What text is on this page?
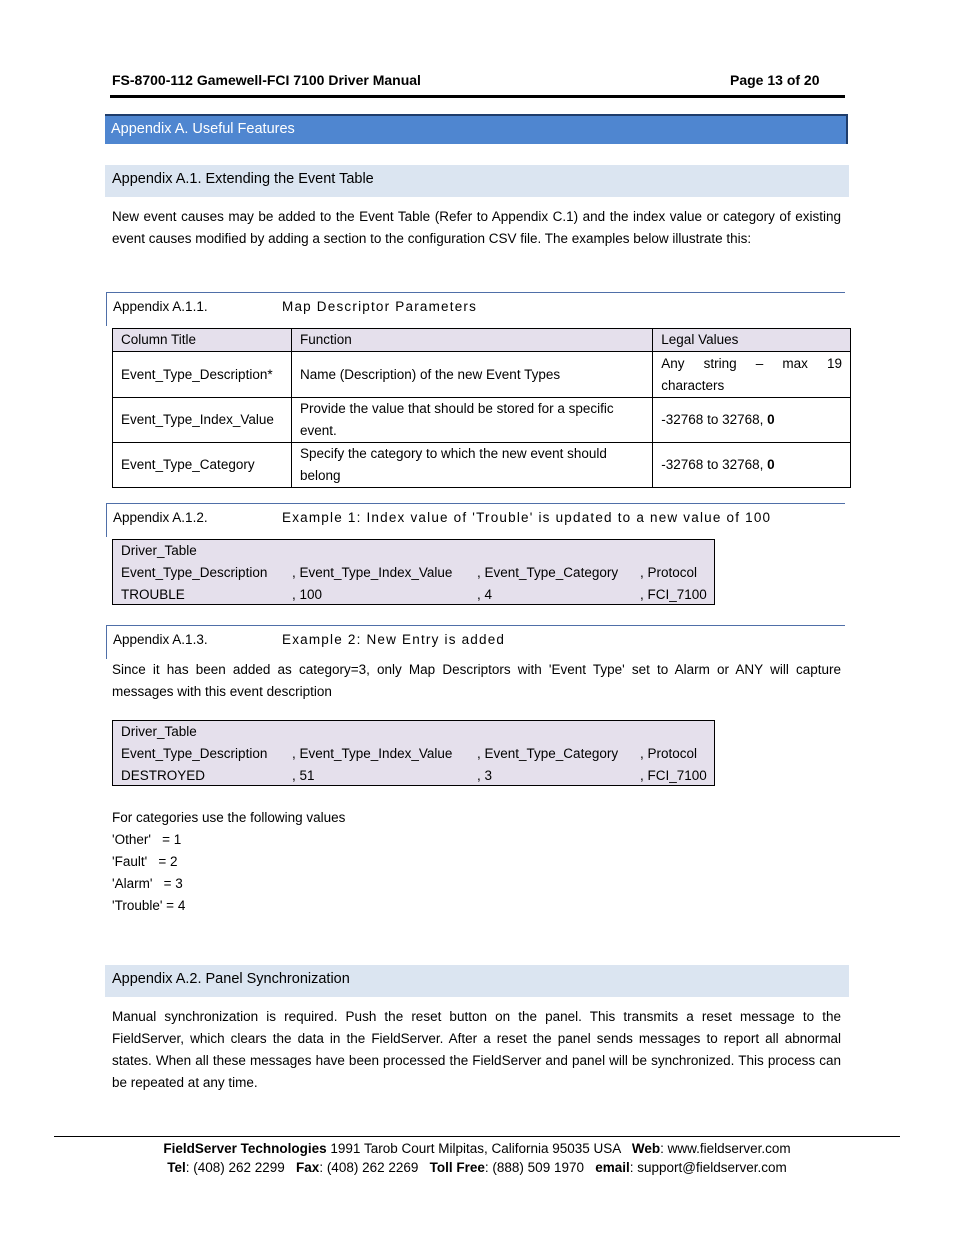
FS-8700-112 Gamewell-FCI 7100 Driver Manual	Page 13 of 20
Appendix A. Useful Features
Appendix A.1. Extending the Event Table
New event causes may be added to the Event Table (Refer to Appendix C.1) and the index value or category of existing event causes modified by adding a section to the configuration CSV file. The examples below illustrate this:
Appendix A.1.1.	Map Descriptor Parameters
Column Title	Function	Legal Values
Event_Type_Description*	Name (Description) of the new Event Types	Any string – max 19 characters
Event_Type_Index_Value	Provide the value that should be stored for a specific event.	-32768 to 32768, 0
Event_Type_Category	Specify the category to which the new event should belong	-32768 to 32768, 0
Appendix A.1.2.	Example 1: Index value of 'Trouble' is updated to a new value of 100
Driver_Table
Event_Type_Description , Event_Type_Index_Value , Event_Type_Category , Protocol
TROUBLE	, 100	, 4	, FCI_7100
Appendix A.1.3.	Example 2: New Entry is added
Since it has been added as category=3, only Map Descriptors with 'Event Type' set to Alarm or ANY will capture messages with this event description
Driver_Table
Event_Type_Description , Event_Type_Index_Value , Event_Type_Category , Protocol
DESTROYED	, 51	, 3	, FCI_7100
For categories use the following values
'Other'   = 1
'Fault'   = 2
'Alarm'   = 3
'Trouble' = 4
Appendix A.2. Panel Synchronization
Manual synchronization is required. Push the reset button on the panel. This transmits a reset message to the FieldServer, which clears the data in the FieldServer. After a reset the panel sends messages to report all abnormal states. When all these messages have been processed the FieldServer and panel will be synchronized. This process can be repeated at any time.
FieldServer Technologies 1991 Tarob Court Milpitas, California 95035 USA   Web: www.fieldserver.com
Tel: (408) 262 2299   Fax: (408) 262 2269   Toll Free: (888) 509 1970   email: support@fieldserver.com
